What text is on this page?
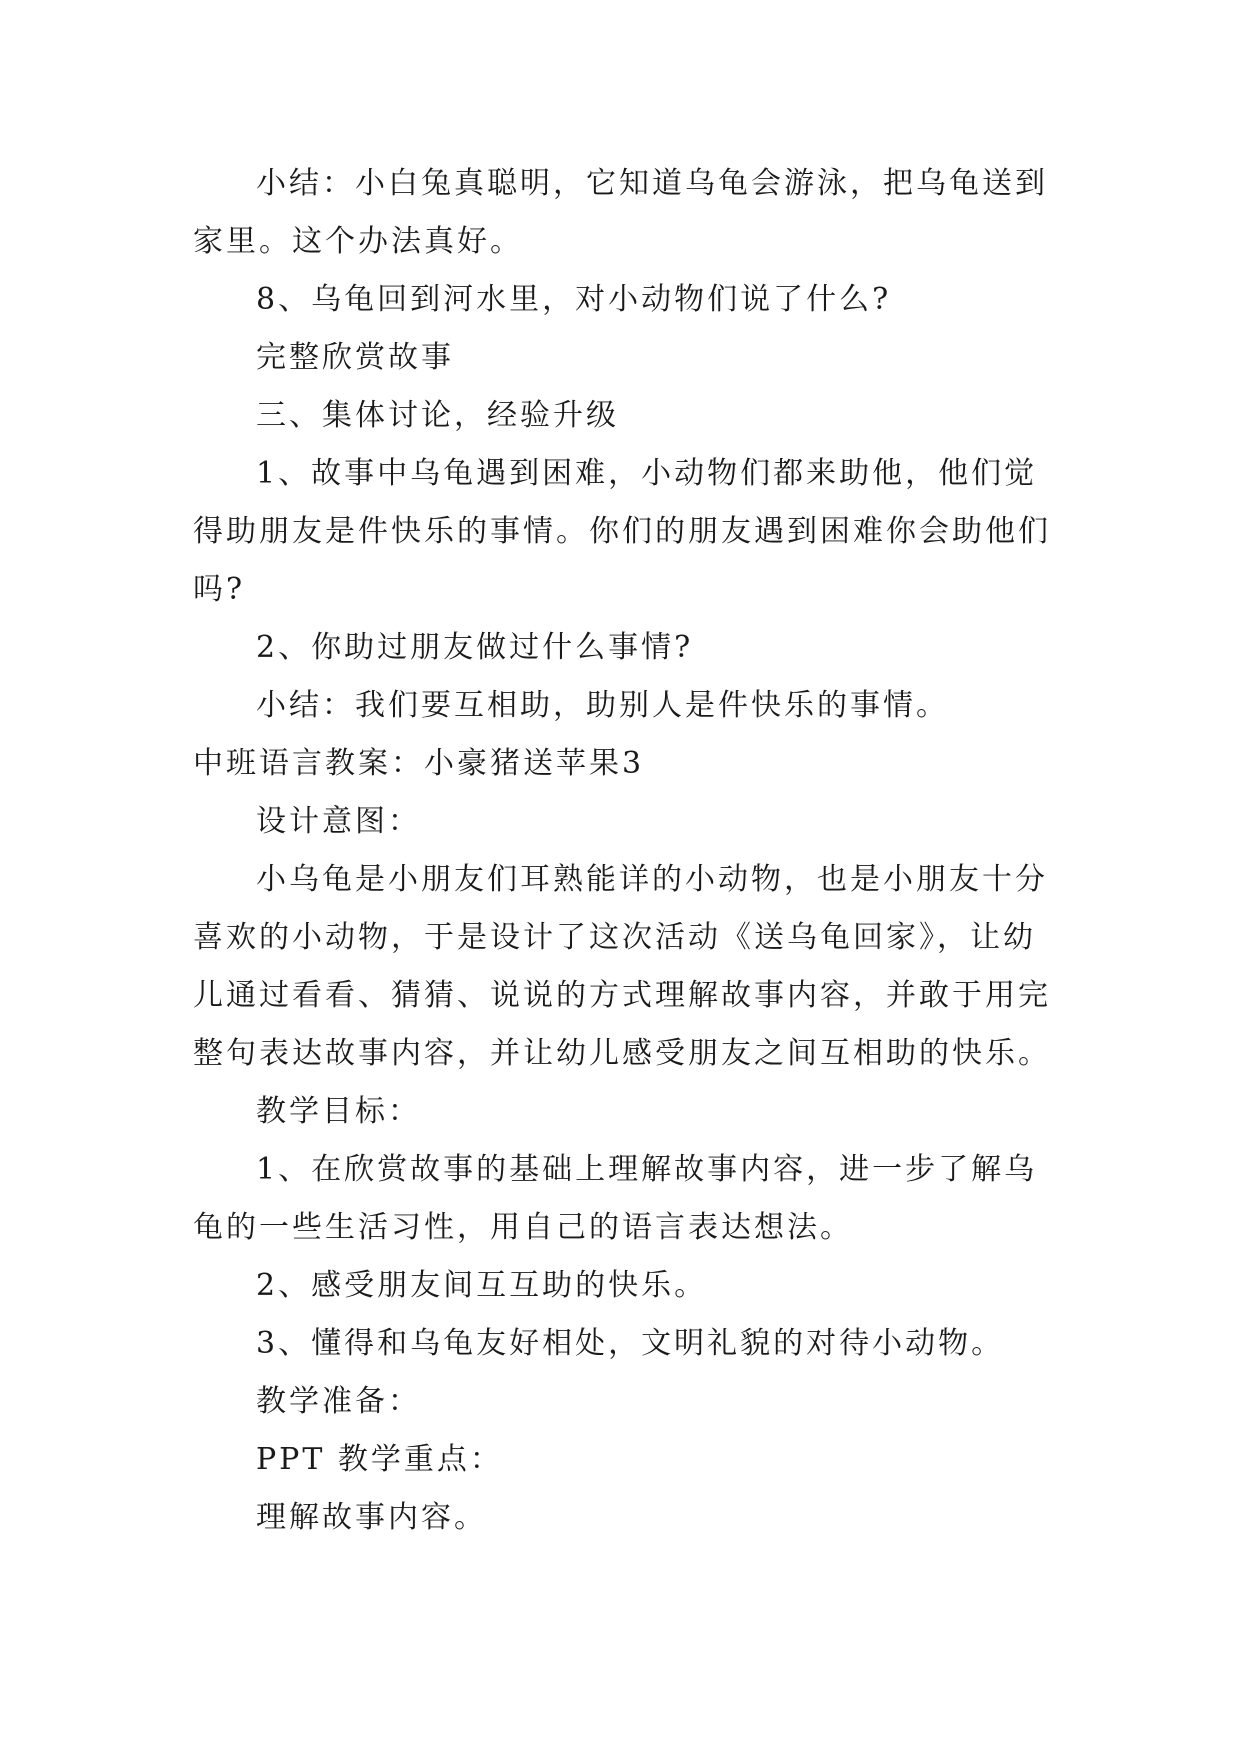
小结：小白兔真聪明，它知道乌龟会游泳，把乌龟送到
家里。这个办法真好。
8、乌龟回到河水里，对小动物们说了什么?
完整欣赏故事
三、集体讨论，经验升级
1、故事中乌龟遇到困难，小动物们都来助他，他们觉
得助朋友是件快乐的事情。你们的朋友遇到困难你会助他们
吗?
2、你助过朋友做过什么事情?
小结：我们要互相助，助别人是件快乐的事情。
中班语言教案：小豪猪送苹果3
设计意图：
小乌龟是小朋友们耳熟能详的小动物，也是小朋友十分
喜欢的小动物，于是设计了这次活动《送乌龟回家》，让幼
儿通过看看、猜猜、说说的方式理解故事内容，并敢于用完
整句表达故事内容，并让幼儿感受朋友之间互相助的快乐。
教学目标：
1、在欣赏故事的基础上理解故事内容，进一步了解乌
龟的一些生活习性，用自己的语言表达想法。
2、感受朋友间互互助的快乐。
3、懂得和乌龟友好相处，文明礼貌的对待小动物。
教学准备：
PPT 教学重点：
理解故事内容。
